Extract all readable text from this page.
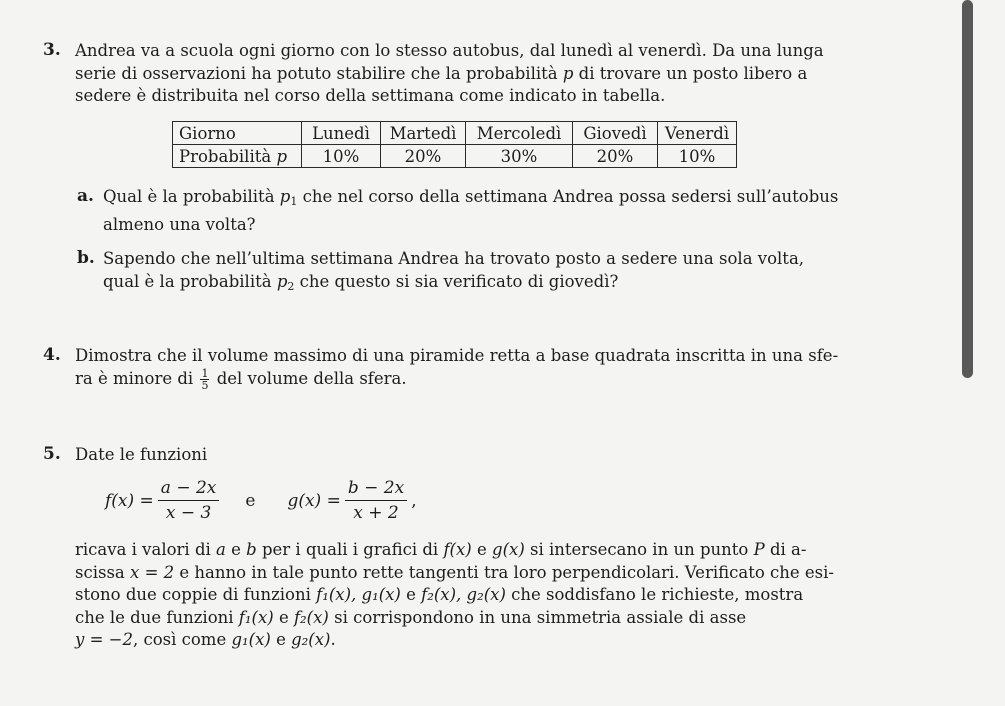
3. Andrea va a scuola ogni giorno con lo stesso autobus, dal lunedì al venerdì. Da una lunga
serie di osservazioni ha potuto stabilire che la probabilità p di trovare un posto libero a
sedere è distribuita nel corso della settimana come indicato in tabella.
Giorno	Lunedì	Martedì	Mercoledì	Giovedì	Venerdì
Probabilità p	10%	20%	30%	20%	10%
a. Qual è la probabilità $p_1$ che nel corso della settimana Andrea possa sedersi sull’autobus
almeno una volta?
b. Sapendo che nell’ultima settimana Andrea ha trovato posto a sedere una sola volta,
qual è la probabilità $p_2$ che questo si sia verificato di giovedì?
4. Dimostra che il volume massimo di una piramide retta a base quadrata inscritta in una sfe-
ra è minore di $\frac{1}{5}$ del volume della sfera.
5. Date le funzioni
$f(x) = \frac{a - 2x}{x - 3}$ e $g(x) = \frac{b - 2x}{x + 2}$ ,
ricava i valori di a e b per i quali i grafici di f(x) e g(x) si intersecano in un punto P di a-
scissa x = 2 e hanno in tale punto rette tangenti tra loro perpendicolari. Verificato che esi-
stono due coppie di funzioni f₁(x), g₁(x) e f₂(x), g₂(x) che soddisfano le richieste, mostra
che le due funzioni f₁(x) e f₂(x) si corrispondono in una simmetria assiale di asse
y = −2, così come g₁(x) e g₂(x).
